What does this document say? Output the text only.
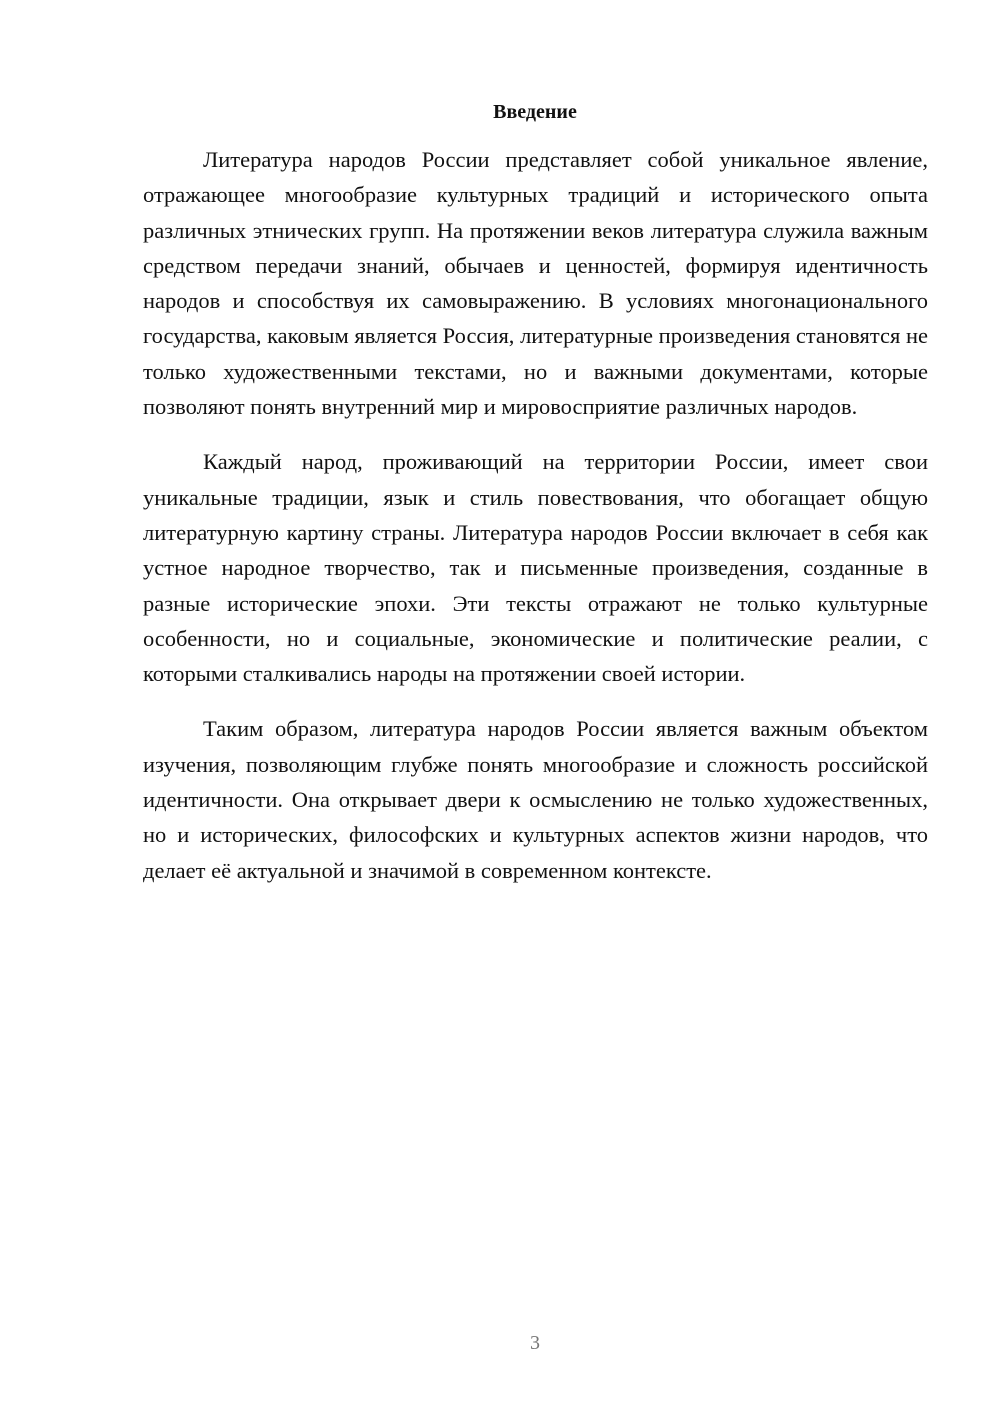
Введение

Литература народов России представляет собой уникальное явление, отражающее многообразие культурных традиций и исторического опыта различных этнических групп. На протяжении веков литература служила важным средством передачи знаний, обычаев и ценностей, формируя идентичность народов и способствуя их самовыражению. В условиях многонационального государства, каковым является Россия, литературные произведения становятся не только художественными текстами, но и важными документами, которые позволяют понять внутренний мир и мировосприятие различных народов.

Каждый народ, проживающий на территории России, имеет свои уникальные традиции, язык и стиль повествования, что обогащает общую литературную картину страны. Литература народов России включает в себя как устное народное творчество, так и письменные произведения, созданные в разные исторические эпохи. Эти тексты отражают не только культурные особенности, но и социальные, экономические и политические реалии, с которыми сталкивались народы на протяжении своей истории.

Таким образом, литература народов России является важным объектом изучения, позволяющим глубже понять многообразие и сложность российской идентичности. Она открывает двери к осмыслению не только художественных, но и исторических, философских и культурных аспектов жизни народов, что делает её актуальной и значимой в современном контексте.

3
